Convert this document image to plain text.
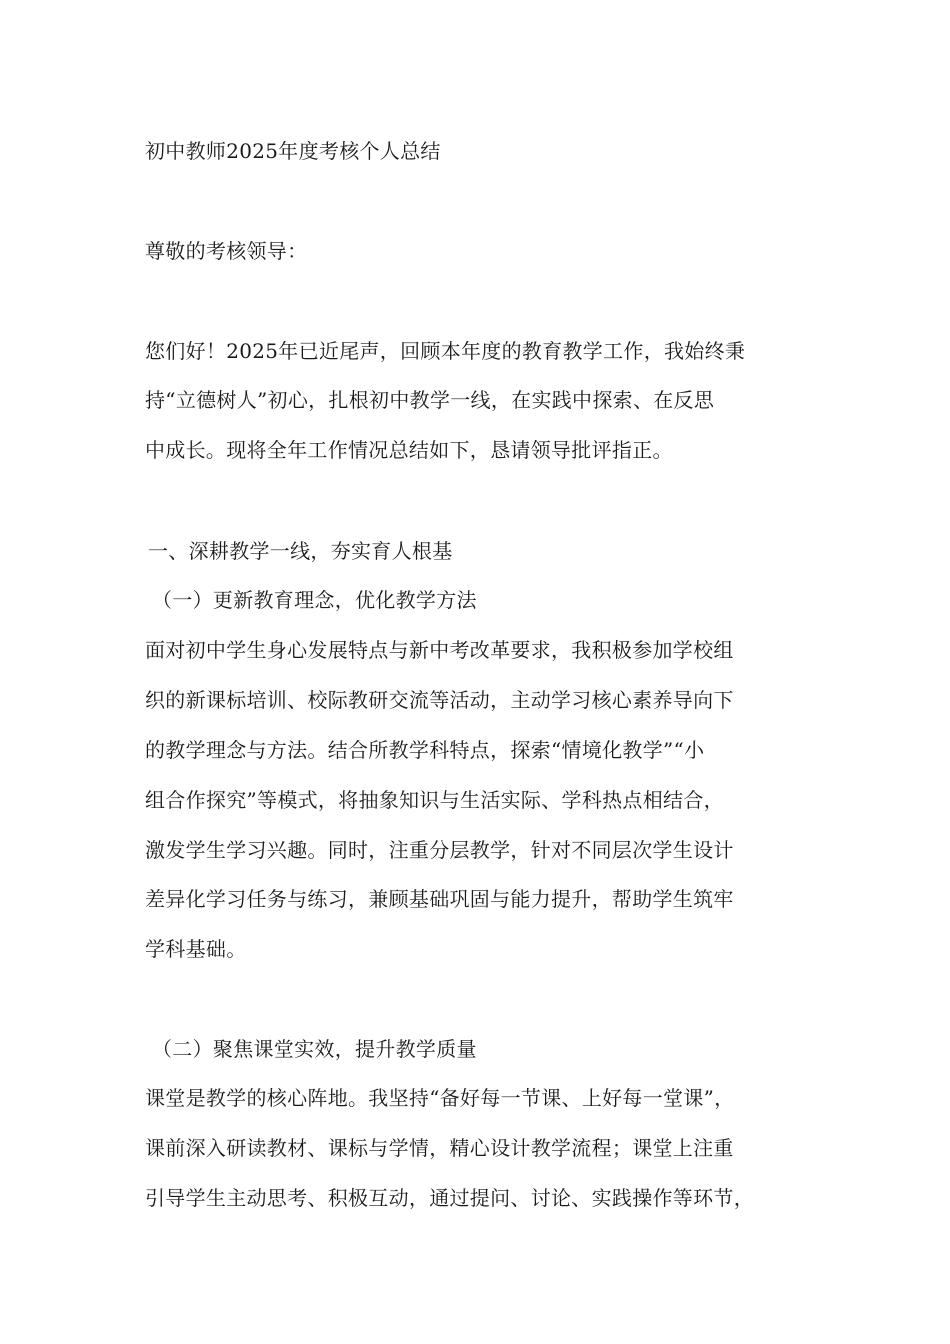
初中教师2025年度考核个人总结
尊敬的考核领导：
您们好！2025年已近尾声，回顾本年度的教育教学工作，我始终秉
持“立德树人”初心，扎根初中教学一线，在实践中探索、在反思
中成长。现将全年工作情况总结如下，恳请领导批评指正。
一、深耕教学一线，夯实育人根基
（一）更新教育理念，优化教学方法
面对初中学生身心发展特点与新中考改革要求，我积极参加学校组
织的新课标培训、校际教研交流等活动，主动学习核心素养导向下
的教学理念与方法。结合所教学科特点，探索“情境化教学”“小
组合作探究”等模式，将抽象知识与生活实际、学科热点相结合，
激发学生学习兴趣。同时，注重分层教学，针对不同层次学生设计
差异化学习任务与练习，兼顾基础巩固与能力提升，帮助学生筑牢
学科基础。
（二）聚焦课堂实效，提升教学质量
课堂是教学的核心阵地。我坚持“备好每一节课、上好每一堂课”，
课前深入研读教材、课标与学情，精心设计教学流程；课堂上注重
引导学生主动思考、积极互动，通过提问、讨论、实践操作等环节，
